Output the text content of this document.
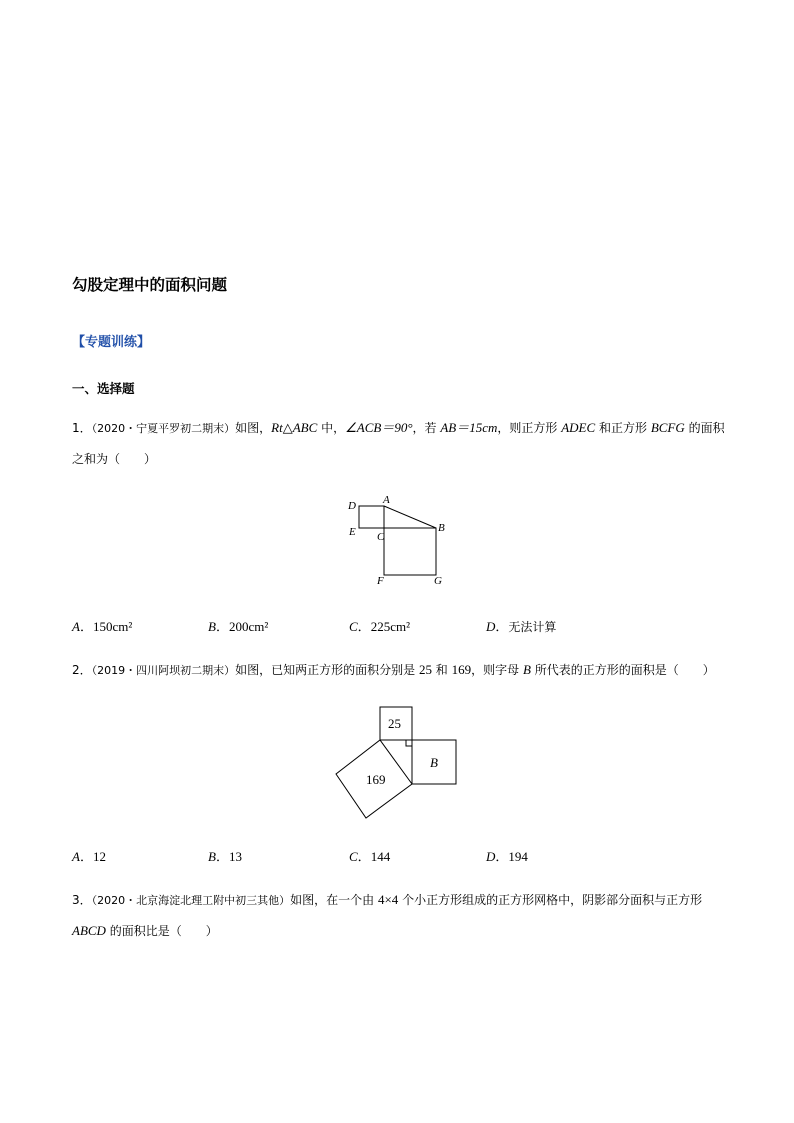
勾股定理中的面积问题
【专题训练】
一、选择题
1．（2020・宁夏平罗初二期末）如图，Rt△ABC 中，∠ACB＝90°，若 AB＝15cm，则正方形 ADEC 和正方形 BCFG 的面积
之和为（　　）
D A
E C
B
F	G
A．150cm²	B．200cm²	C．225cm²	D．无法计算
2．（2019・四川阿坝初二期末）如图，已知两正方形的面积分别是 25 和 169，则字母 B 所代表的正方形的面积是（　　）
25
169
B
A．12	B．13	C．144	D．194
3．（2020・北京海淀北理工附中初三其他）如图，在一个由 4×4 个小正方形组成的正方形网格中，阴影部分面积与正方形
ABCD 的面积比是（　　）
